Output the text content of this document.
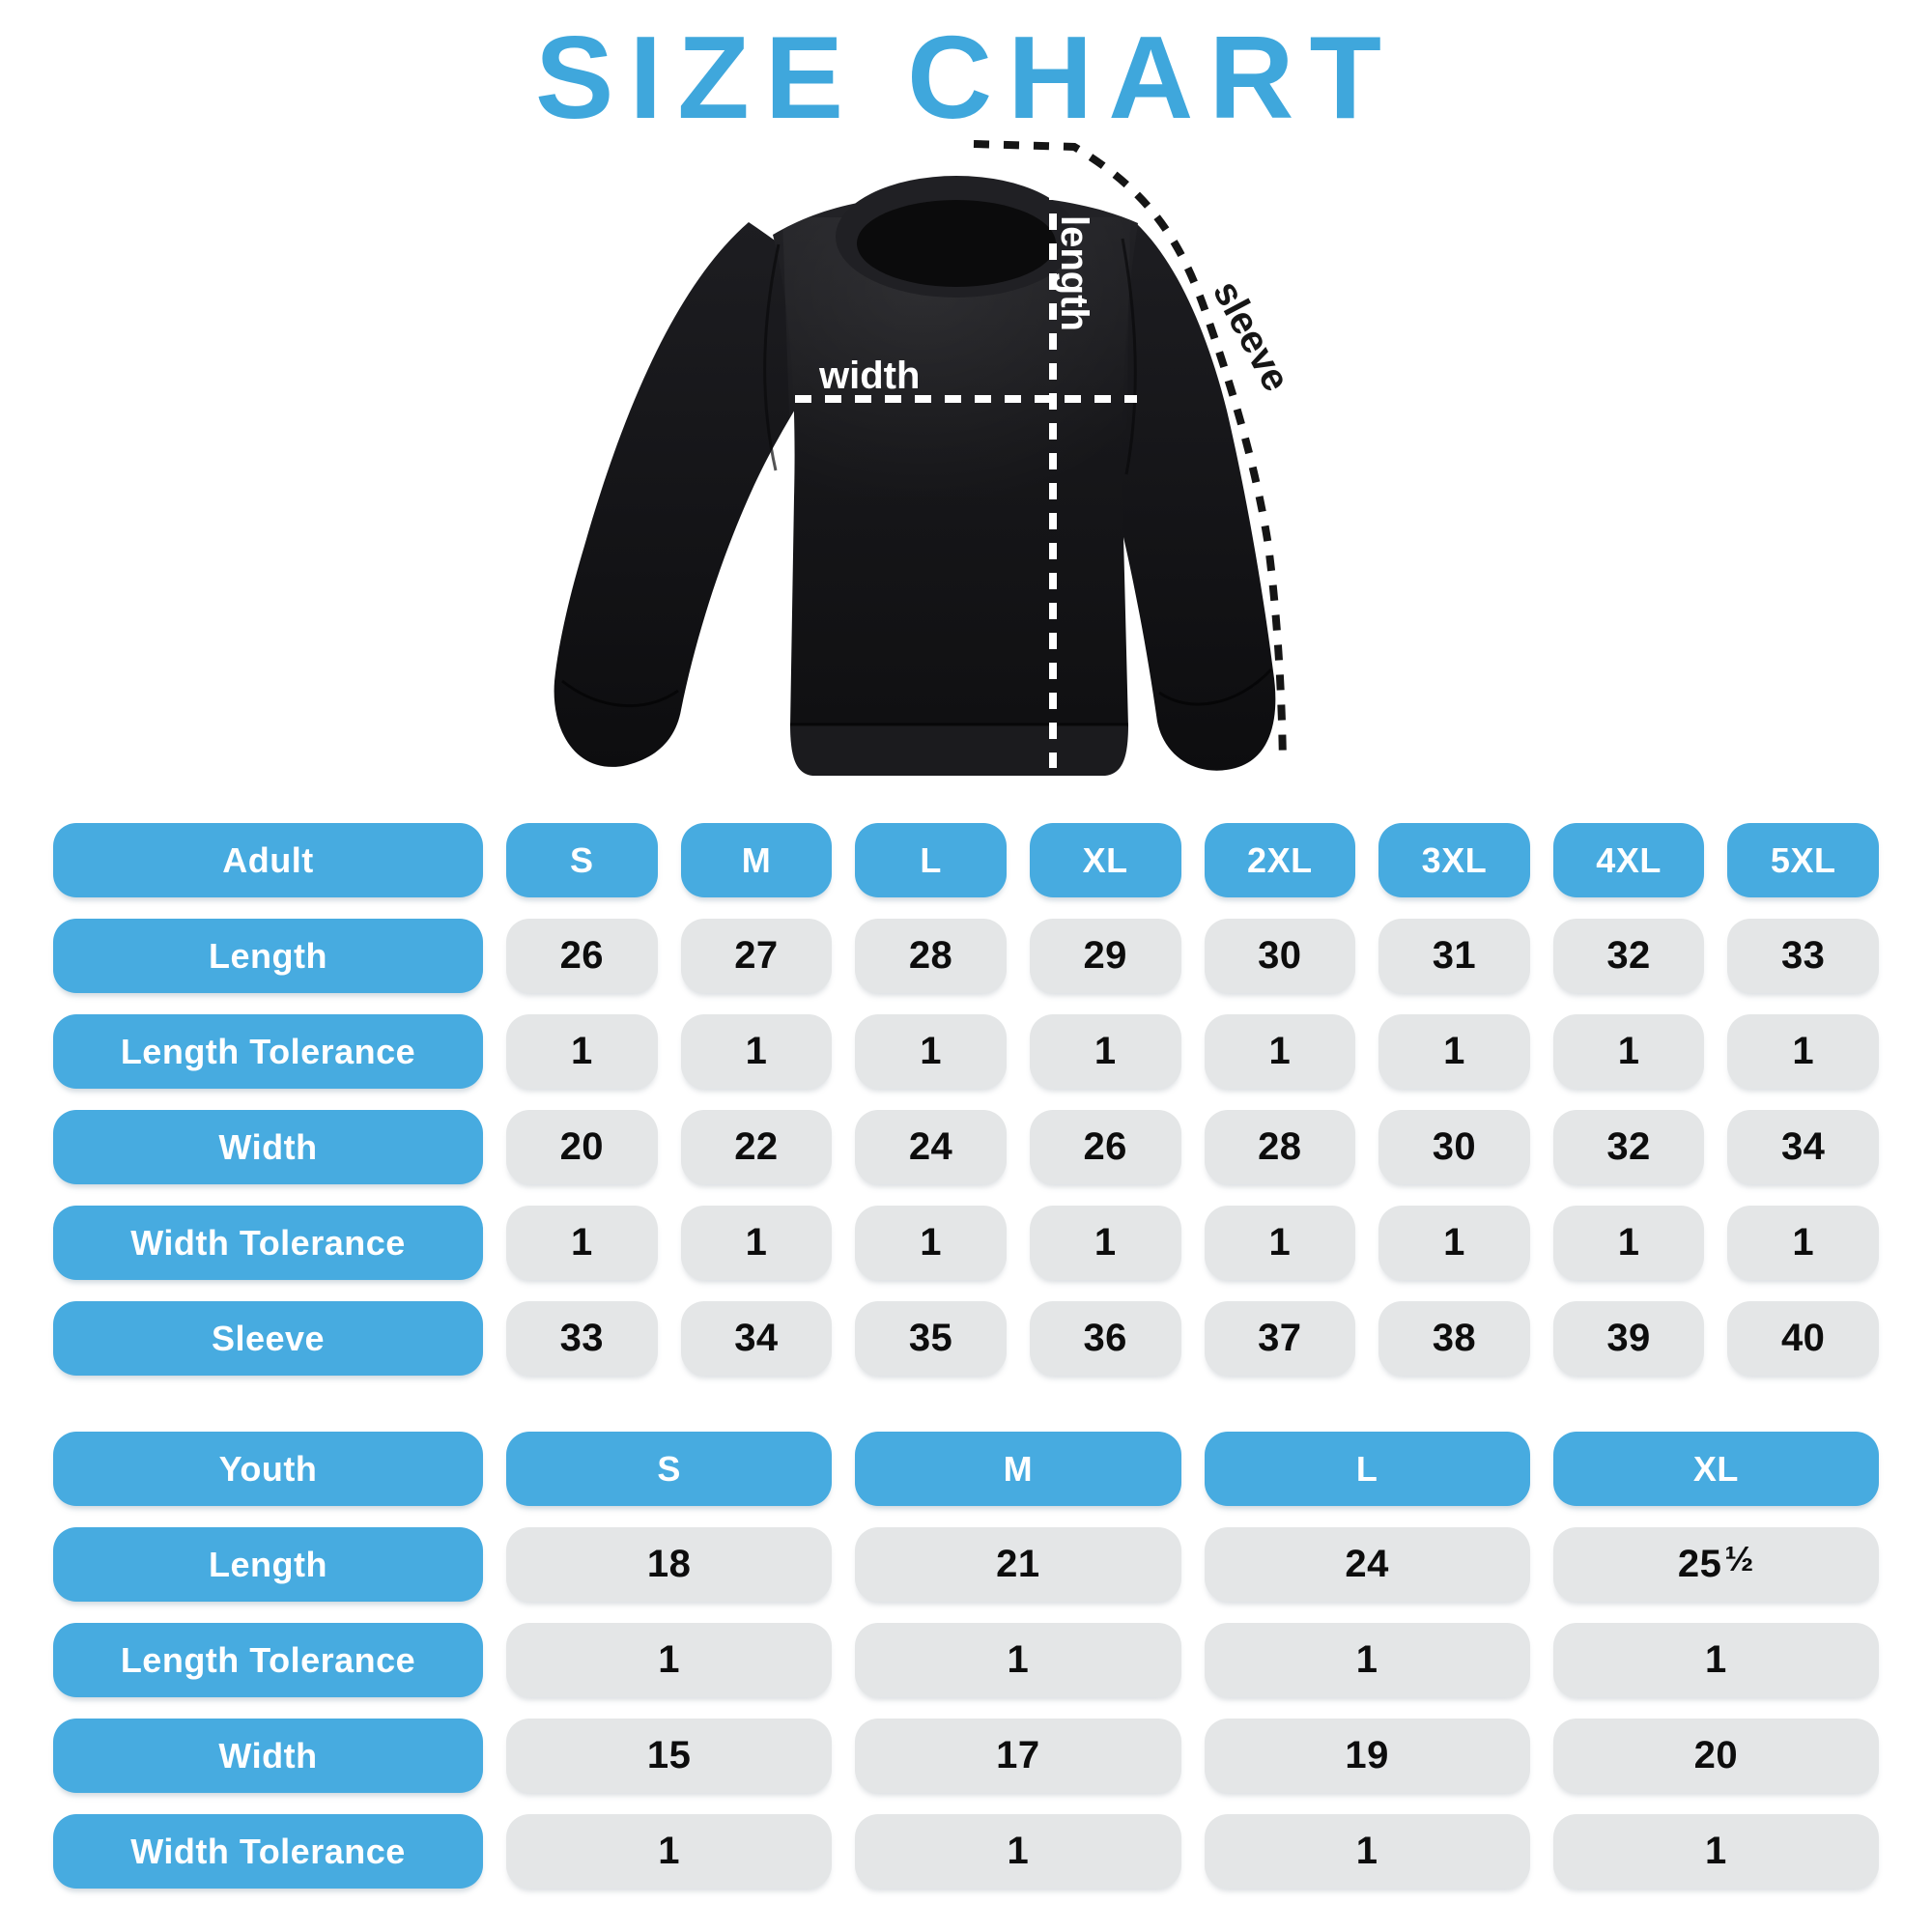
SIZE CHART
length
width	sleeve
Adult	S	M	L	XL	2XL	3XL	4XL	5XL
Length	26	27	28	29	30	31	32	33
Length Tolerance	1	1	1	1	1	1	1	1
Width	20	22	24	26	28	30	32	34
Width Tolerance	1	1	1	1	1	1	1	1
Sleeve	33	34	35	36	37	38	39	40
Youth	S	M	L	XL
Length	18	21	24	25 ½
Length Tolerance	1	1	1	1
Width	15	17	19	20
Width Tolerance	1	1	1	1
